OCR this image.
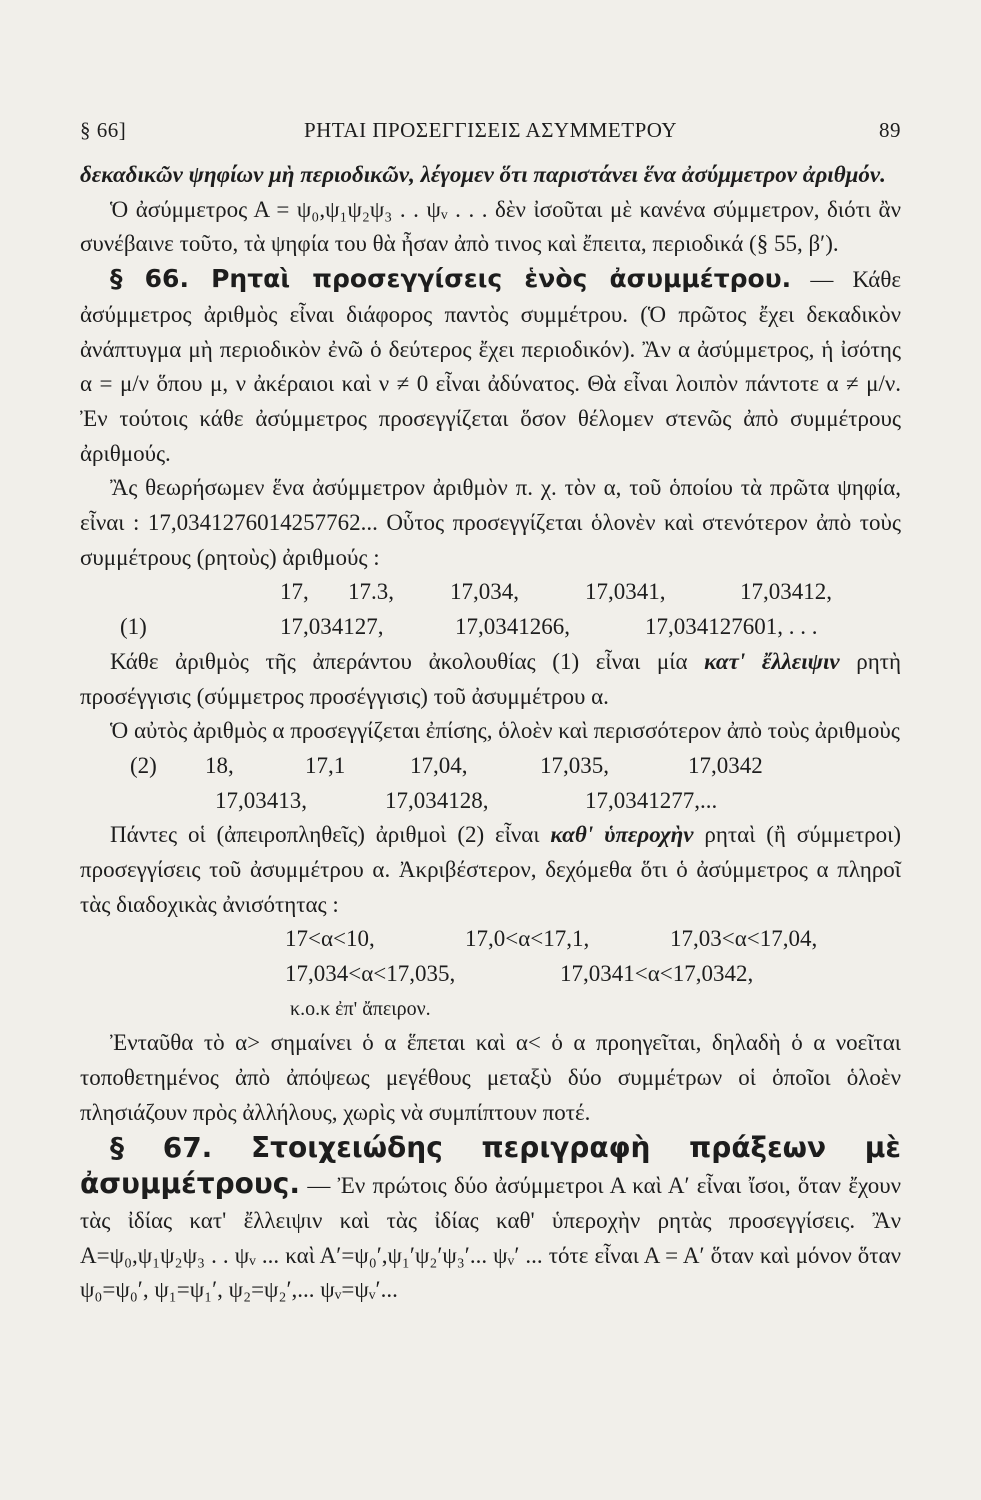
§ 66]	ΡΗΤΑΙ ΠΡΟΣΕΓΓΙΣΕΙΣ ΑΣΥΜΜΕΤΡΟΥ	89

δεκαδικῶν ψηφίων μὴ περιοδικῶν, λέγομεν ὅτι παριστάνει ἕνα ἀσύμμετρον ἀριθμόν.

Ὁ ἀσύμμετρος Α = ψ₀,ψ₁ψ₂ψ₃ . . ψᵥ . . . δὲν ἰσοῦται μὲ κανένα σύμμετρον, διότι ἂν συνέβαινε τοῦτο, τὰ ψηφία του θὰ ἦσαν ἀπὸ τινος καὶ ἔπειτα, περιοδικά (§ 55, β′).

§ 66. Ρηταὶ προσεγγίσεις ἑνὸς ἀσυμμέτρου. — Κάθε ἀσύμμετρος ἀριθμὸς εἶναι διάφορος παντὸς συμμέτρου. (Ὁ πρῶτος ἔχει δεκαδικὸν ἀνάπτυγμα μὴ περιοδικὸν ἐνῶ ὁ δεύτερος ἔχει περιοδικόν). Ἂν α ἀσύμμετρος, ἡ ἰσότης α = μ/ν ὅπου μ, ν ἀκέραιοι καὶ ν ≠ 0 εἶναι ἀδύνατος. Θὰ εἶναι λοιπὸν πάντοτε α ≠ μ/ν. Ἐν τούτοις κάθε ἀσύμμετρος προσεγγίζεται ὅσον θέλομεν στενῶς ἀπὸ συμμέτρους ἀριθμούς.

Ἂς θεωρήσωμεν ἕνα ἀσύμμετρον ἀριθμὸν π. χ. τὸν α, τοῦ ὁποίου τὰ πρῶτα ψηφία, εἶναι : 17,0341276014257762... Οὗτος προσεγγίζεται ὁλονὲν καὶ στενότερον ἀπὸ τοὺς συμμέτρους (ρητοὺς) ἀριθμούς :

17, 17.3, 17,034,	17,0341,	17,03412,
(1)	17,034127,	17,0341266,	17,034127601, . . .

Κάθε ἀριθμὸς τῆς ἀπεράντου ἀκολουθίας (1) εἶναι μία κατ' ἔλλειψιν ρητὴ προσέγγισις (σύμμετρος προσέγγισις) τοῦ ἀσυμμέτρου α.

Ὁ αὐτὸς ἀριθμὸς α προσεγγίζεται ἐπίσης, ὁλοὲν καὶ περισσότερον ἀπὸ τοὺς ἀριθμοὺς

(2) 18,	17,1	17,04,	17,035,	17,0342
17,03413,	17,034128,	17,0341277,...

Πάντες οἱ (ἀπειροπληθεῖς) ἀριθμοὶ (2) εἶναι καθ' ὑπεροχὴν ρηταὶ (ἢ σύμμετροι) προσεγγίσεις τοῦ ἀσυμμέτρου α. Ἀκριβέστερον, δεχόμεθα ὅτι ὁ ἀσύμμετρος α πληροῖ τὰς διαδοχικὰς ἀνισότητας :

17<α<10,	17,0<α<17,1,	17,03<α<17,04,
17,034<α<17,035,	17,0341<α<17,0342,
κ.ο.κ ἐπ' ἄπειρον.

Ἐνταῦθα τὸ α> σημαίνει ὁ α ἕπεται καὶ α< ὁ α προηγεῖται, δηλαδὴ ὁ α νοεῖται τοποθετημένος ἀπὸ ἀπόψεως μεγέθους μεταξὺ δύο συμμέτρων οἱ ὁποῖοι ὁλοὲν πλησιάζουν πρὸς ἀλλήλους, χωρὶς νὰ συμπίπτουν ποτέ.

§ 67. Στοιχειώδης περιγραφὴ πράξεων μὲ ἀσυμμέτρους. — Ἐν πρώτοις δύο ἀσύμμετροι Α καὶ Α′ εἶναι ἴσοι, ὅταν ἔχουν τὰς ἰδίας κατ' ἔλλειψιν καὶ τὰς ἰδίας καθ' ὑπεροχὴν ρητὰς προσεγγίσεις. Ἂν Α=ψ₀,ψ₁ψ₂ψ₃ . . ψᵥ ... καὶ Α′=ψ₀′,ψ₁′ψ₂′ψ₃′... ψᵥ′ ... τότε εἶναι Α = Α′ ὅταν καὶ μόνον ὅταν ψ₀=ψ₀′, ψ₁=ψ₁′, ψ₂=ψ₂′,... ψᵥ=ψᵥ′...
